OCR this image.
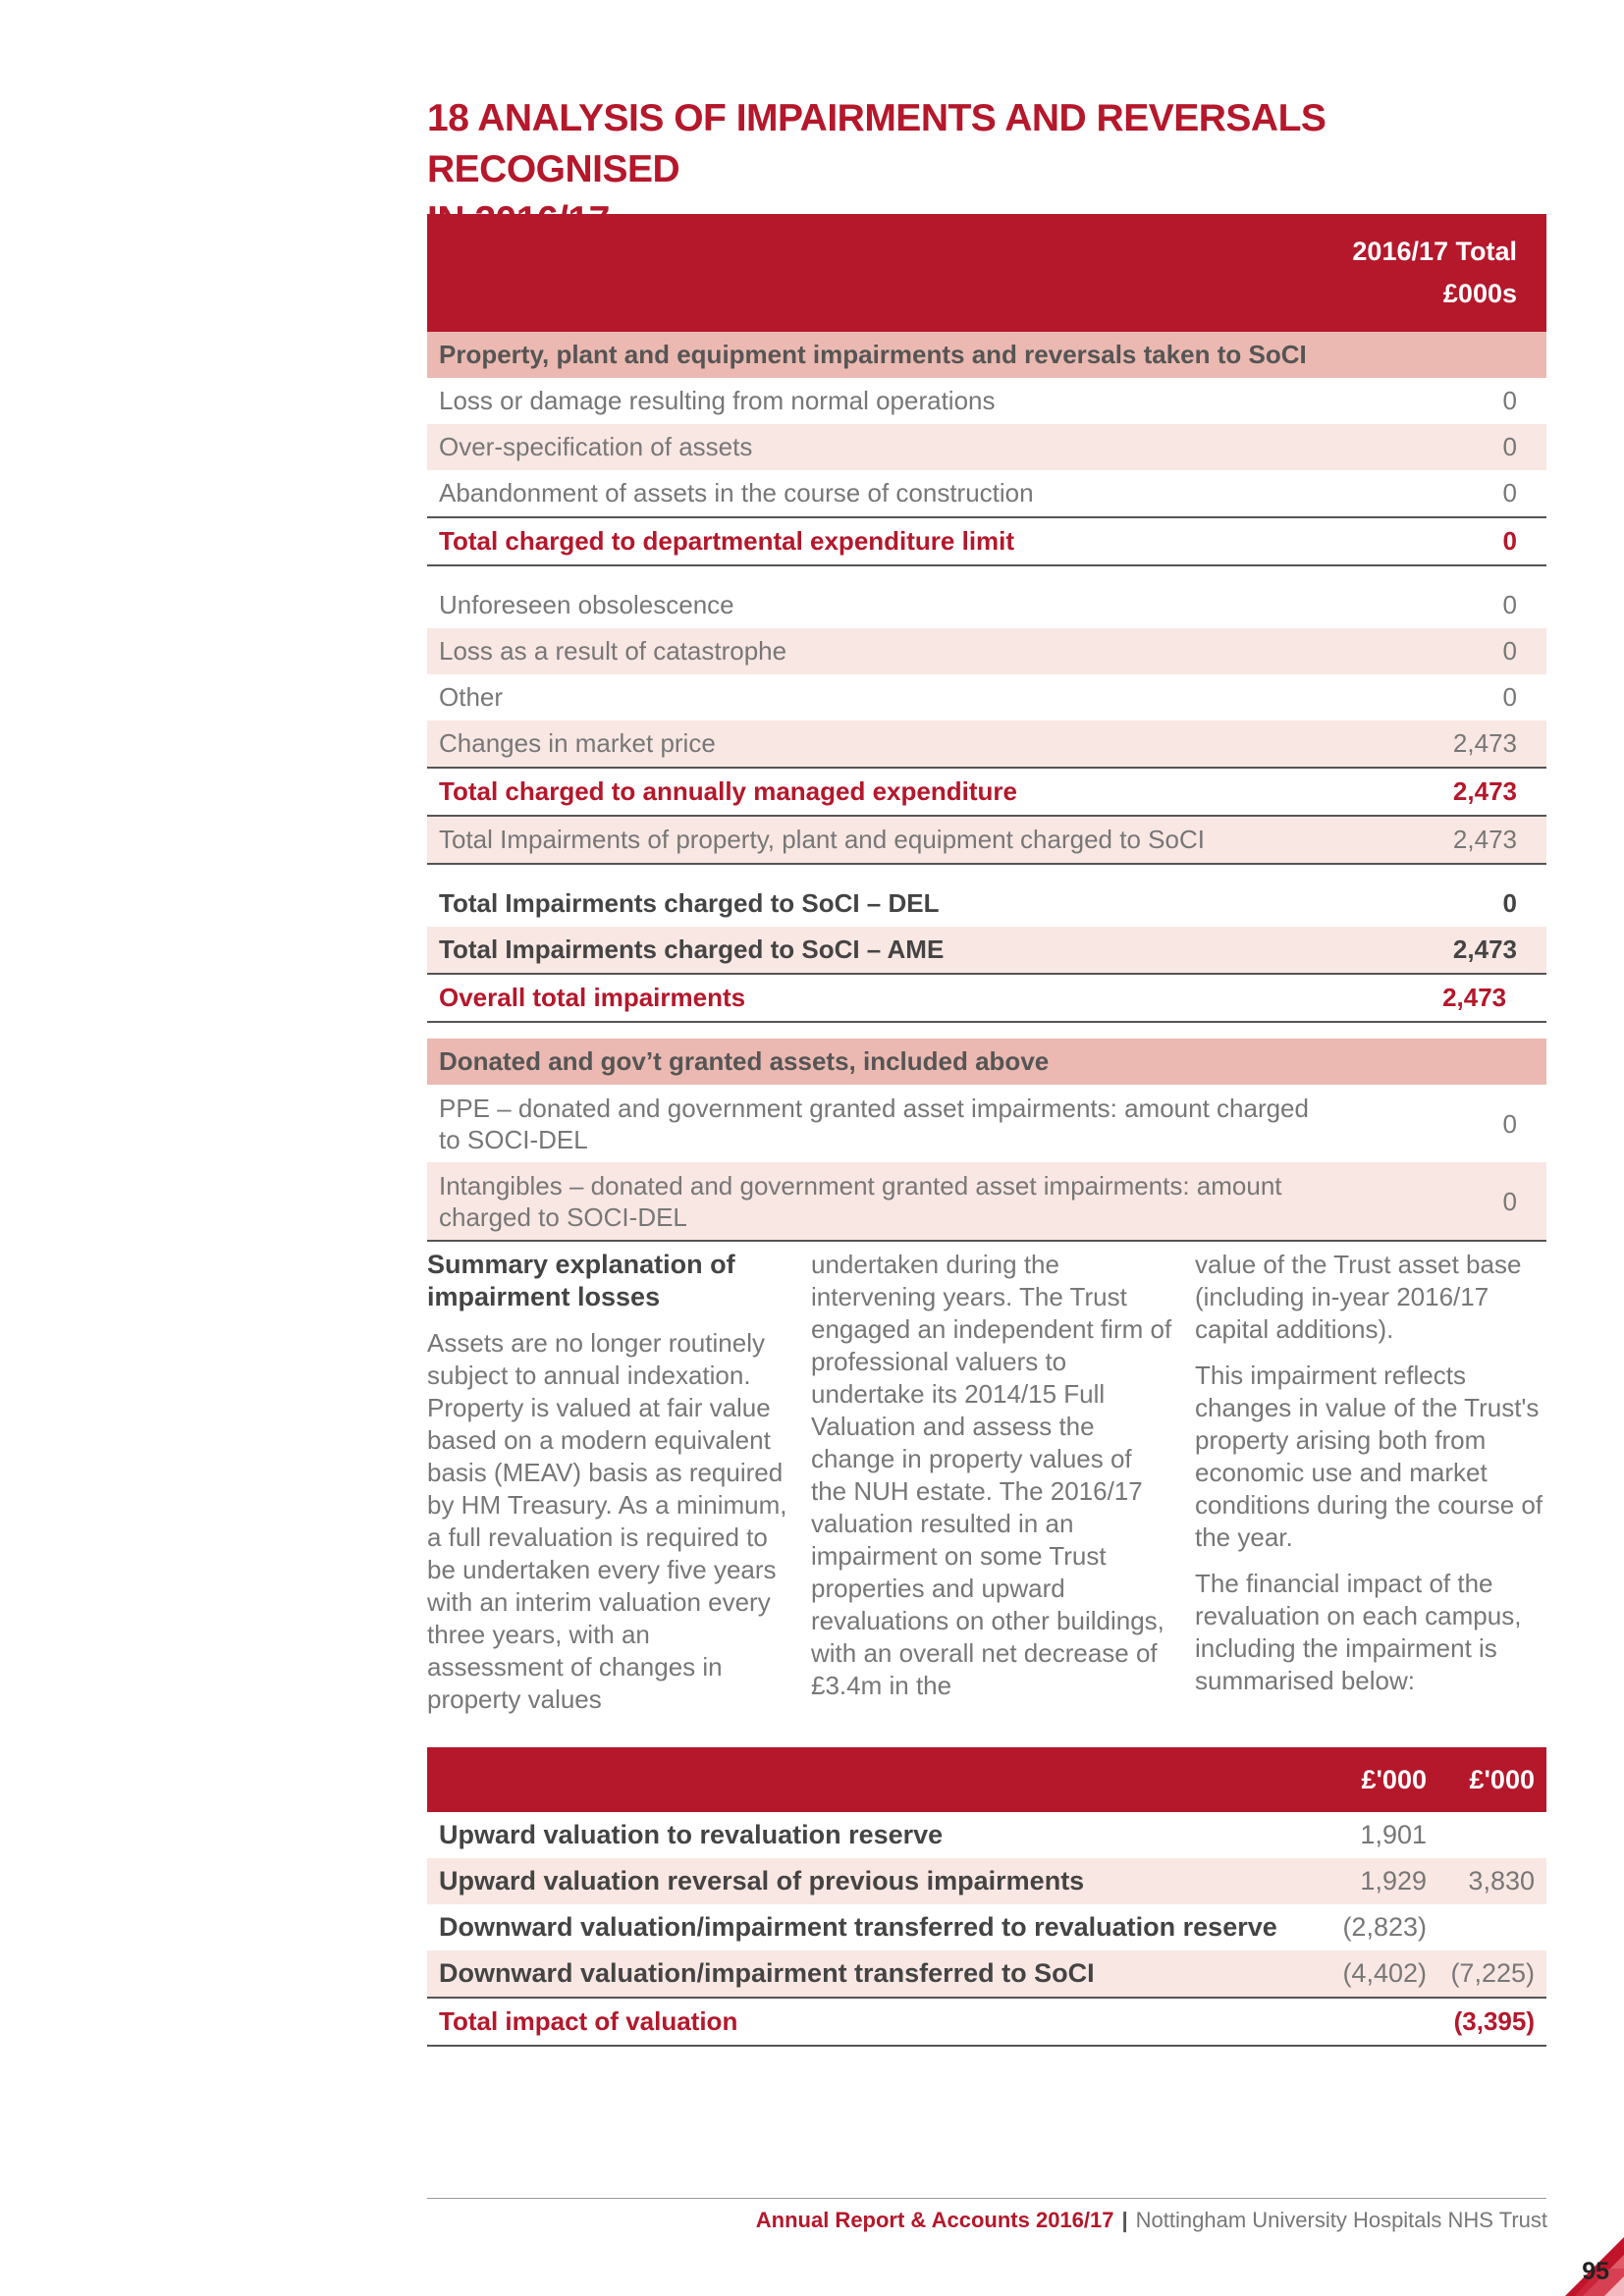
18 ANALYSIS OF IMPAIRMENTS AND REVERSALS RECOGNISED
2016/17 Total	
£000s	
Property, plant and equipment impairments and reversals taken to SoCI	
Loss or damage resulting from normal operations	0
Over-specification of assets	0
Abandonment of assets in the course of construction	0
Total charged to departmental expenditure limit	0

Unforeseen obsolescence	0
Loss as a result of catastrophe	0
Other	0
Changes in market price	2,473
Total charged to annually managed expenditure	2,473
Total Impairments of property, plant and equipment charged to SoCI	2,473

Total Impairments charged to SoCI – DEL	0
Total Impairments charged to SoCI – AME	2,473
Overall total impairments	2,473

Donated and gov’t granted assets, included above	
PPE – donated and government granted asset impairments: amount charged
to SOCI-DEL	0
Intangibles – donated and government granted asset impairments: amount
charged to SOCI-DEL	0
Summary explanation of
impairment losses

Assets are no longer routinely subject to annual indexation. Property is valued at fair value based on a modern equivalent basis (MEAV) basis as required by HM Treasury. As a minimum, a full revaluation is required to be undertaken every five years with an interim valuation every three years, with an assessment of changes in property values

undertaken during the intervening years. The Trust engaged an independent firm of professional valuers to undertake its 2014/15 Full Valuation and assess the change in property values of the NUH estate. The 2016/17 valuation resulted in an impairment on some Trust properties and upward revaluations on other buildings, with an overall net decrease of £3.4m in the

value of the Trust asset base (including in-year 2016/17 capital additions).

This impairment reflects changes in value of the Trust's property arising both from economic use and market conditions during the course of the year.

The financial impact of the revaluation on each campus, including the impairment is summarised below:

	£'000	£'000
Upward valuation to revaluation reserve	1,901	
Upward valuation reversal of previous impairments	1,929	3,830
Downward valuation/impairment transferred to revaluation reserve	(2,823)	
Downward valuation/impairment transferred to SoCI	(4,402)	(7,225)
Total impact of valuation		(3,395)
Annual Report & Accounts 2016/17 | Nottingham University Hospitals NHS Trust
95
